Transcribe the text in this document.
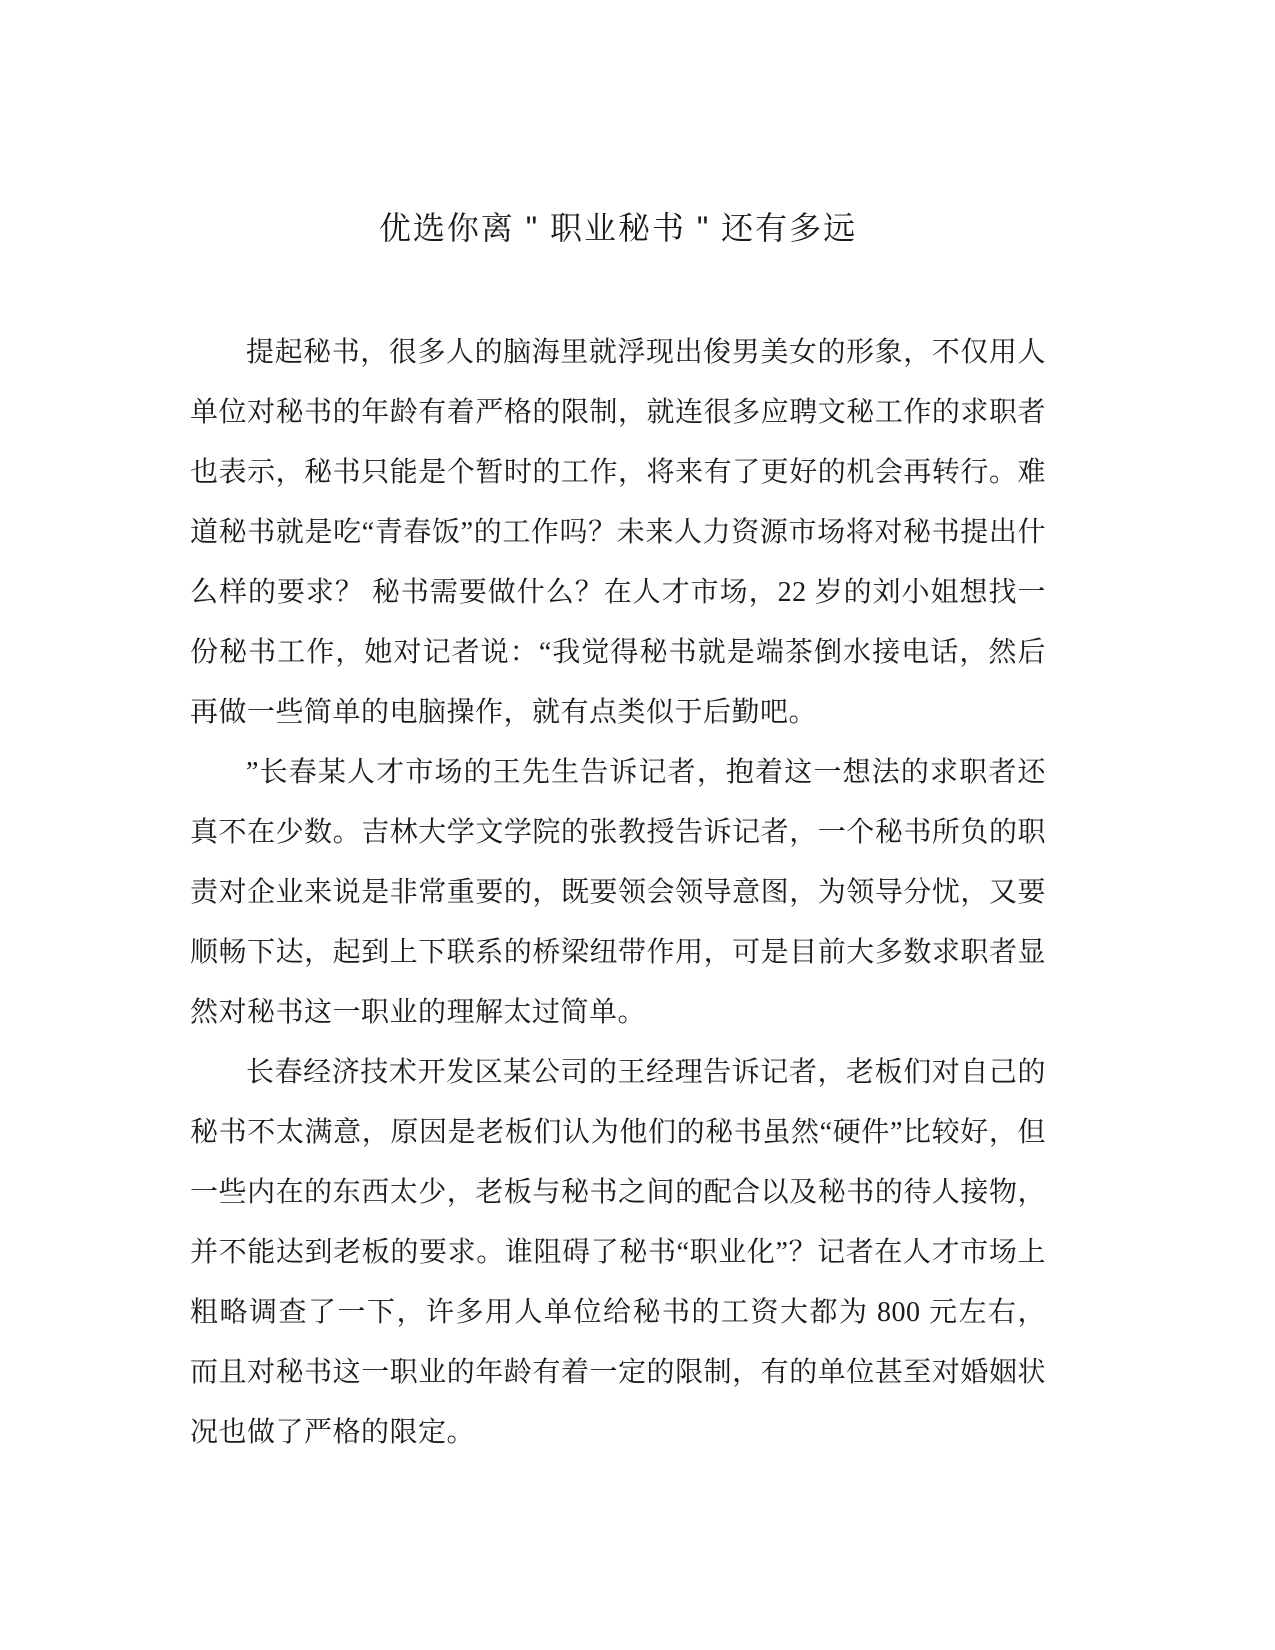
优选你离 " 职业秘书 " 还有多远

提起秘书，很多人的脑海里就浮现出俊男美女的形象，不仅用人单位对秘书的年龄有着严格的限制，就连很多应聘文秘工作的求职者也表示，秘书只能是个暂时的工作，将来有了更好的机会再转行。难道秘书就是吃“青春饭”的工作吗？未来人力资源市场将对秘书提出什么样的要求？ 秘书需要做什么？在人才市场，22 岁的刘小姐想找一份秘书工作，她对记者说：“我觉得秘书就是端茶倒水接电话，然后再做一些简单的电脑操作，就有点类似于后勤吧。

”长春某人才市场的王先生告诉记者，抱着这一想法的求职者还真不在少数。吉林大学文学院的张教授告诉记者，一个秘书所负的职责对企业来说是非常重要的，既要领会领导意图，为领导分忧，又要顺畅下达，起到上下联系的桥梁纽带作用，可是目前大多数求职者显然对秘书这一职业的理解太过简单。

长春经济技术开发区某公司的王经理告诉记者，老板们对自己的秘书不太满意，原因是老板们认为他们的秘书虽然“硬件”比较好，但一些内在的东西太少，老板与秘书之间的配合以及秘书的待人接物，并不能达到老板的要求。谁阻碍了秘书“职业化”？记者在人才市场上粗略调查了一下，许多用人单位给秘书的工资大都为 800 元左右，而且对秘书这一职业的年龄有着一定的限制，有的单位甚至对婚姻状况也做了严格的限定。
